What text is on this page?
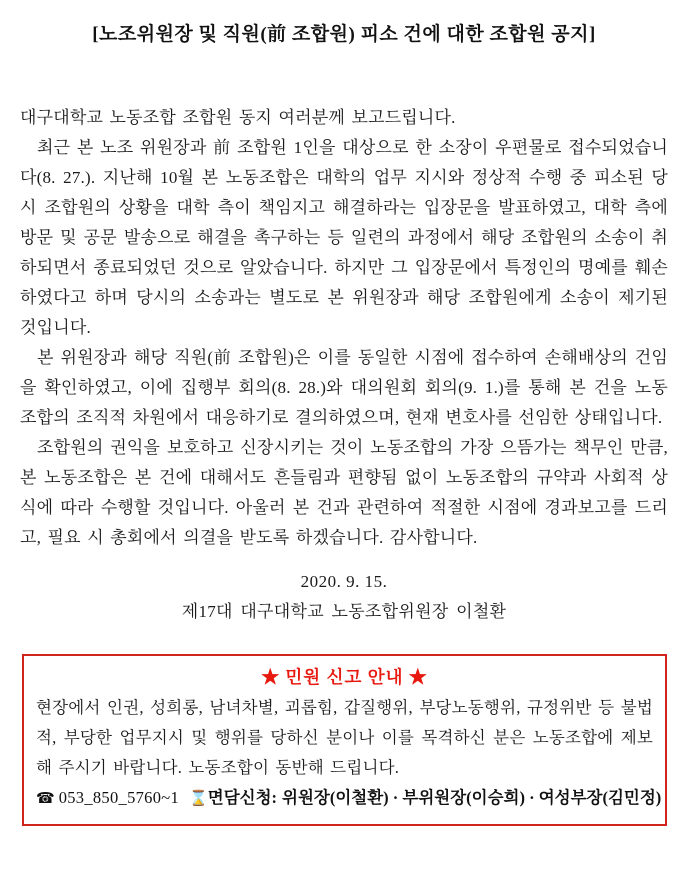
[노조위원장 및 직원(前 조합원) 피소 건에 대한 조합원 공지]

대구대학교 노동조합 조합원 동지 여러분께 보고드립니다.

최근 본 노조 위원장과 前 조합원 1인을 대상으로 한 소장이 우편물로 접수되었습니다(8. 27.). 지난해 10월 본 노동조합은 대학의 업무 지시와 정상적 수행 중 피소된 당시 조합원의 상황을 대학 측이 책임지고 해결하라는 입장문을 발표하였고, 대학 측에 방문 및 공문 발송으로 해결을 촉구하는 등 일련의 과정에서 해당 조합원의 소송이 취하되면서 종료되었던 것으로 알았습니다. 하지만 그 입장문에서 특정인의 명예를 훼손하였다고 하며 당시의 소송과는 별도로 본 위원장과 해당 조합원에게 소송이 제기된 것입니다.

본 위원장과 해당 직원(前 조합원)은 이를 동일한 시점에 접수하여 손해배상의 건임을 확인하였고, 이에 집행부 회의(8. 28.)와 대의원회 회의(9. 1.)를 통해 본 건을 노동조합의 조직적 차원에서 대응하기로 결의하였으며, 현재 변호사를 선임한 상태입니다.

조합원의 권익을 보호하고 신장시키는 것이 노동조합의 가장 으뜸가는 책무인 만큼, 본 노동조합은 본 건에 대해서도 흔들림과 편향됨 없이 노동조합의 규약과 사회적 상식에 따라 수행할 것입니다. 아울러 본 건과 관련하여 적절한 시점에 경과보고를 드리고, 필요 시 총회에서 의결을 받도록 하겠습니다. 감사합니다.

2020. 9. 15.

제17대 대구대학교 노동조합위원장 이철환

★ 민원 신고 안내 ★

현장에서 인권, 성희롱, 남녀차별, 괴롭힘, 갑질행위, 부당노동행위, 규정위반 등 불법적, 부당한 업무지시 및 행위를 당하신 분이나 이를 목격하신 분은 노동조합에 제보해 주시기 바랍니다. 노동조합이 동반해 드립니다.

☎ 053_850_5760~1 ⌛면담신청: 위원장(이철환) · 부위원장(이승희) · 여성부장(김민정)
